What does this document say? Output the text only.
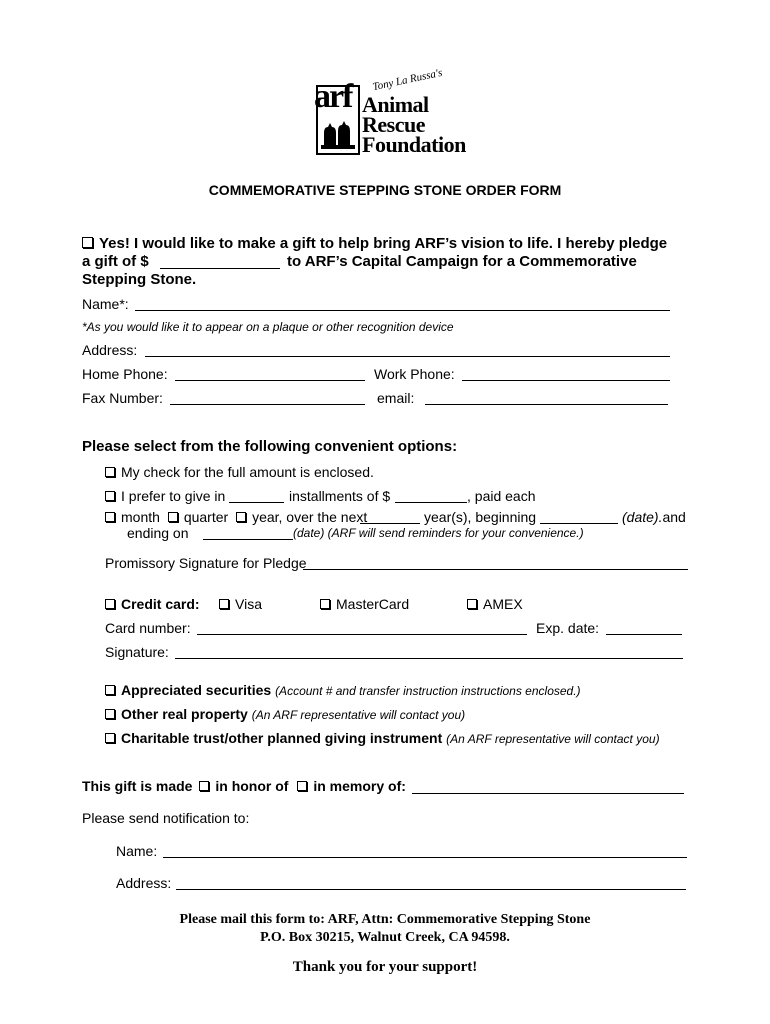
arf Tony La Russa's
Animal
Rescue
Foundation
COMMEMORATIVE STEPPING STONE ORDER FORM
Yes! I would like to make a gift to help bring ARF’s vision to life. I hereby pledge
a gift of $	to ARF’s Capital Campaign for a Commemorative
Stepping Stone.
Name*:
*As you would like it to appear on a plaque or other recognition device
Address:
Home Phone:	Work Phone:
Fax Number:	email:
Please select from the following convenient options:
My check for the full amount is enclosed.
I prefer to give in	installments of $	, paid each
month quarter year, over the next	year(s), beginning	(date).and
ending on	(date) (ARF will send reminders for your convenience.)
Promissory Signature for Pledge
Credit card:	Visa	MasterCard	AMEX
Card number:	Exp. date:
Signature:
Appreciated securities (Account # and transfer instruction instructions enclosed.)
Other real property (An ARF representative will contact you)
Charitable trust/other planned giving instrument (An ARF representative will contact you)
This gift is made in honor of in memory of:
Please send notification to:
Name:
Address:
Please mail this form to: ARF, Attn: Commemorative Stepping Stone
P.O. Box 30215, Walnut Creek, CA 94598.
Thank you for your support!
